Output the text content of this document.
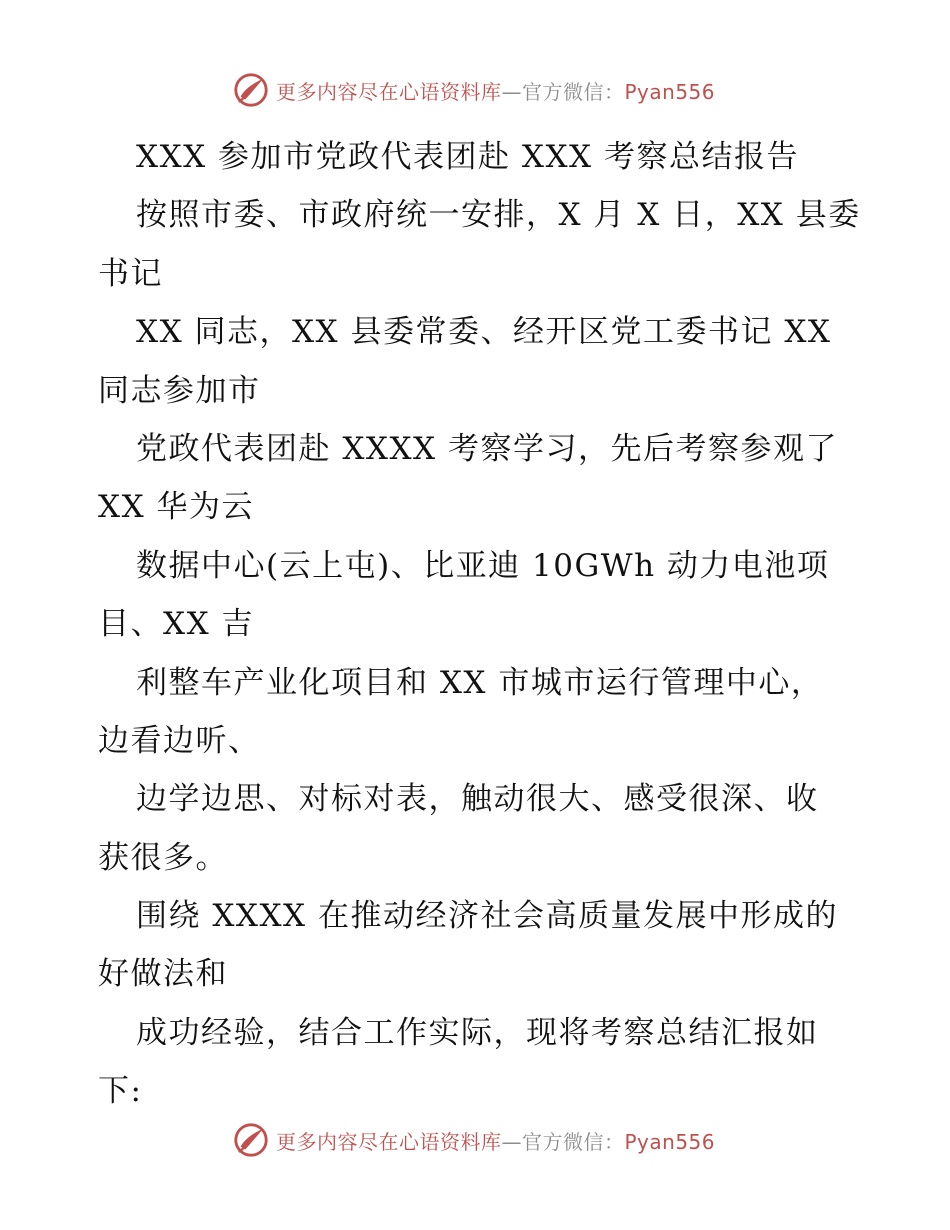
更多内容尽在心语资料库—官方微信：Pyan556
XXX 参加市党政代表团赴 XXX 考察总结报告
按照市委、市政府统一安排，X 月 X 日，XX 县委
书记
XX 同志，XX 县委常委、经开区党工委书记 XX
同志参加市
党政代表团赴 XXXX 考察学习，先后考察参观了
XX 华为云
数据中心(云上屯)、比亚迪 10GWh 动力电池项
目、XX 吉
利整车产业化项目和 XX 市城市运行管理中心，
边看边听、
边学边思、对标对表，触动很大、感受很深、收
获很多。
围绕 XXXX 在推动经济社会高质量发展中形成的
好做法和
成功经验，结合工作实际，现将考察总结汇报如
下:
更多内容尽在心语资料库—官方微信：Pyan556
